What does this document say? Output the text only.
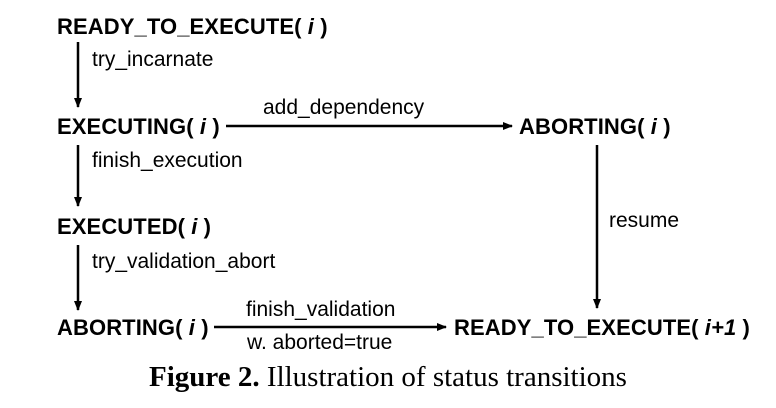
READY_TO_EXECUTE( i )
EXECUTING( i )	ABORTING( i )
EXECUTED( i )
ABORTING( i )	READY_TO_EXECUTE( i+1 )
try_incarnate
add_dependency
finish_execution
resume
try_validation_abort
finish_validation
w. aborted=true
Figure 2. Illustration of status transitions
